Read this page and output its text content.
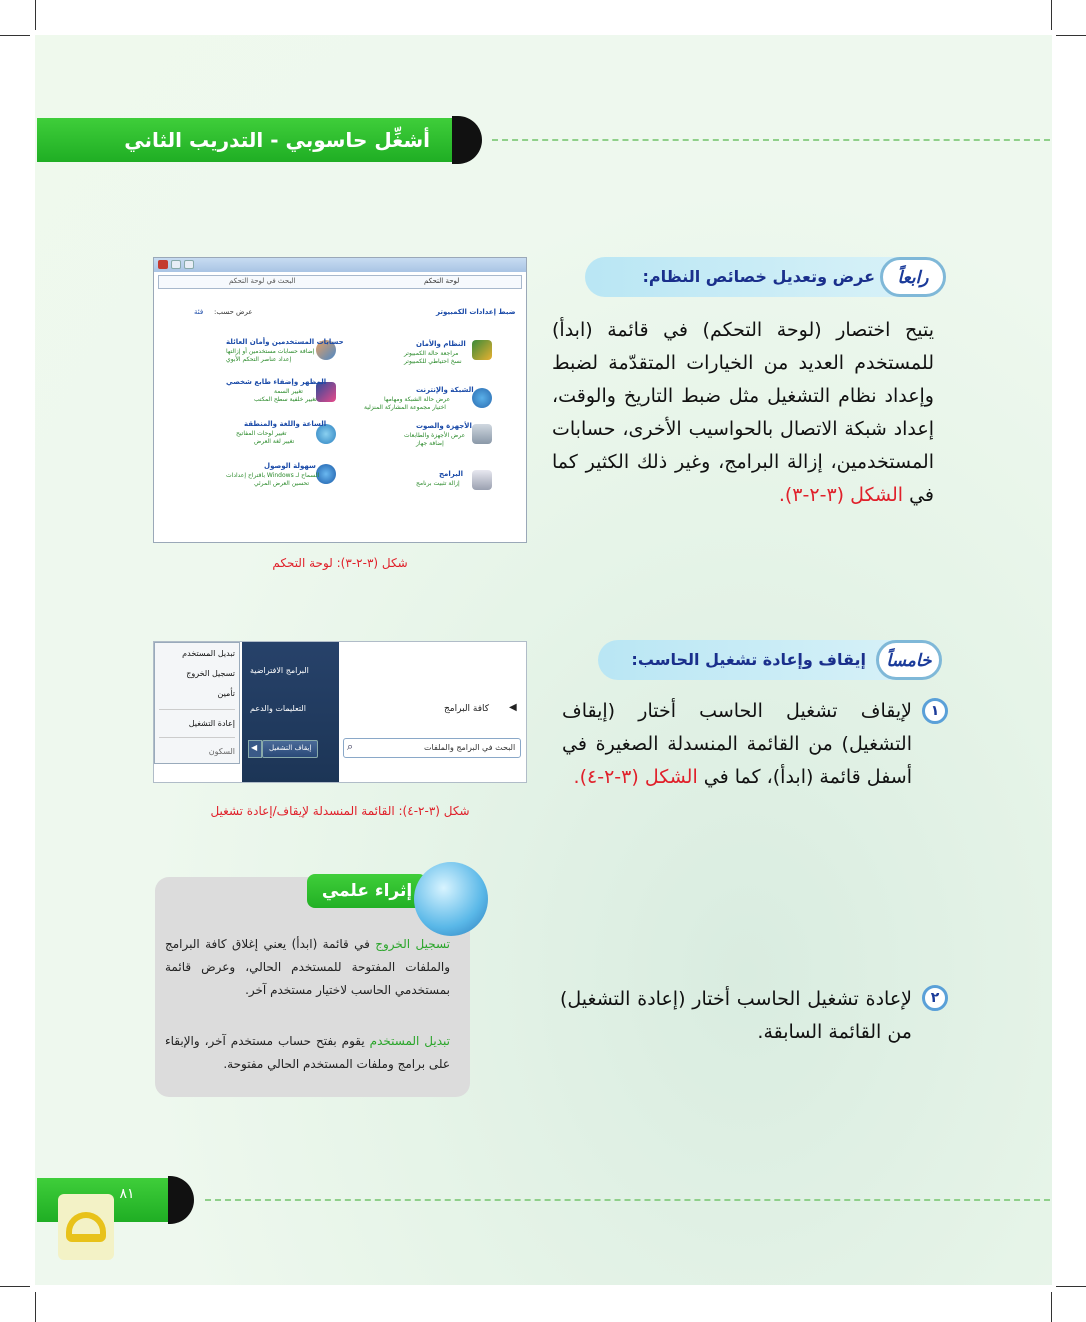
أشغِّل حاسوبي - التدريب الثاني
عرض وتعديل خصائص النظام:	رابعاً
يتيح اختصار (لوحة التحكم) في قائمة (ابدأ) للمستخدم العديد من الخيارات المتقدّمة لضبط وإعداد نظام التشغيل مثل ضبط التاريخ والوقت، إعداد شبكة الاتصال بالحواسيب الأخرى، حسابات المستخدمين، إزالة البرامج، وغير ذلك الكثير كما في الشكل (٣-٢-٣).
البحث في لوحة التحكم	لوحة التحكم
ضبط إعدادات الكمبيوتر
عرض حسب:
فئة
النظام والأمان
مراجعة حالة الكمبيوتر
نسخ احتياطي للكمبيوتر
الشبكة والإنترنت
عرض حالة الشبكة ومهامها
اختيار مجموعة المشاركة المنزلية
الأجهزة والصوت
عرض الأجهزة والطابعات
إضافة جهاز
البرامج
إزالة تثبيت برنامج
حسابات المستخدمين وأمان العائلة
إضافة حسابات مستخدمين أو إزالتها
إعداد عناصر التحكم الأبوي
المظهر وإضفاء طابع شخصي
تغيير السمة
تغيير خلفية سطح المكتب
الساعة واللغة والمنطقة
تغيير لوحات المفاتيح
تغيير لغة العرض
سهولة الوصول
السماح لـ Windows باقتراح إعدادات
تحسين العرض المرئي
شكل (٣-٢-٣): لوحة التحكم
إيقاف وإعادة تشغيل الحاسب:	خامساً
١
لإيقاف تشغيل الحاسب أختار (إيقاف التشغيل) من القائمة المنسدلة الصغيرة في أسفل قائمة (ابدأ)، كما في الشكل (٣-٢-٤).
◀
كافة البرامج
البحث في البرامج والملفات
⌕
البرامج الافتراضية
التعليمات والدعم
إيقاف التشغيل
◀
تبديل المستخدم
تسجيل الخروج
تأمين
إعادة التشغيل
السكون
شكل (٣-٢-٤): القائمة المنسدلة لإيقاف/إعادة تشغيل
٢
لإعادة تشغيل الحاسب أختار (إعادة التشغيل) من القائمة السابقة.
إثراء علمي
تسجيل الخروج في قائمة (ابدأ) يعني إغلاق كافة البرامج والملفات المفتوحة للمستخدم الحالي، وعرض قائمة بمستخدمي الحاسب لاختيار مستخدم آخر.
تبديل المستخدم يقوم بفتح حساب مستخدم آخر، والإبقاء على برامج وملفات المستخدم الحالي مفتوحة.
٨١
